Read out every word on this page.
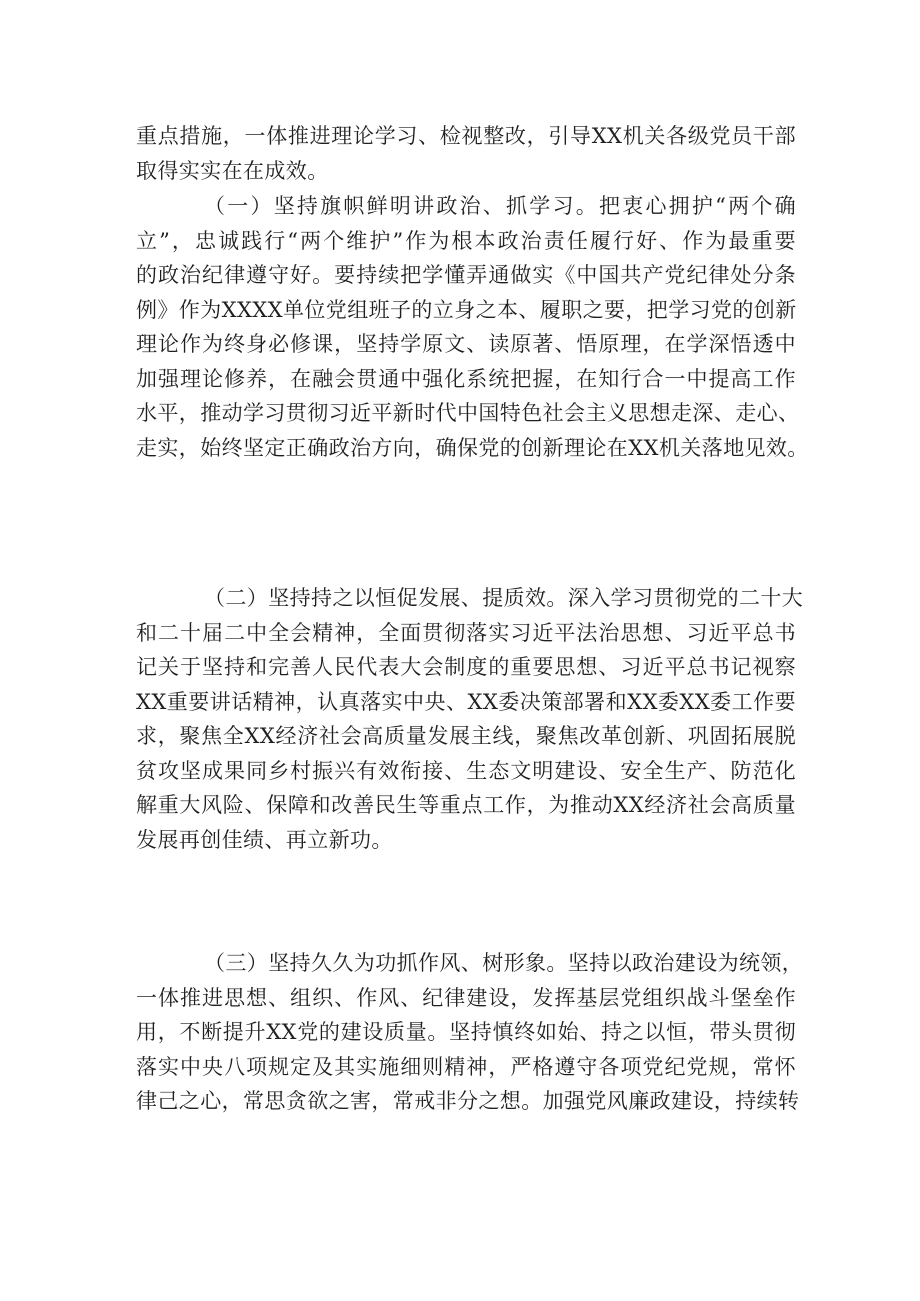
重点措施，一体推进理论学习、检视整改，引导XX机关各级党员干部
取得实实在在成效。

（一）坚持旗帜鲜明讲政治、抓学习。把衷心拥护“两个确
立”，忠诚践行“两个维护”作为根本政治责任履行好、作为最重要
的政治纪律遵守好。要持续把学懂弄通做实《中国共产党纪律处分条
例》作为XXXX单位党组班子的立身之本、履职之要，把学习党的创新
理论作为终身必修课，坚持学原文、读原著、悟原理，在学深悟透中
加强理论修养，在融会贯通中强化系统把握，在知行合一中提高工作
水平，推动学习贯彻习近平新时代中国特色社会主义思想走深、走心、
走实，始终坚定正确政治方向，确保党的创新理论在XX机关落地见效。

（二）坚持持之以恒促发展、提质效。深入学习贯彻党的二十大
和二十届二中全会精神，全面贯彻落实习近平法治思想、习近平总书
记关于坚持和完善人民代表大会制度的重要思想、习近平总书记视察
XX重要讲话精神，认真落实中央、XX委决策部署和XX委XX委工作要
求，聚焦全XX经济社会高质量发展主线，聚焦改革创新、巩固拓展脱
贫攻坚成果同乡村振兴有效衔接、生态文明建设、安全生产、防范化
解重大风险、保障和改善民生等重点工作，为推动XX经济社会高质量
发展再创佳绩、再立新功。

（三）坚持久久为功抓作风、树形象。坚持以政治建设为统领，
一体推进思想、组织、作风、纪律建设，发挥基层党组织战斗堡垒作
用，不断提升XX党的建设质量。坚持慎终如始、持之以恒，带头贯彻
落实中央八项规定及其实施细则精神，严格遵守各项党纪党规，常怀
律己之心，常思贪欲之害，常戒非分之想。加强党风廉政建设，持续转
